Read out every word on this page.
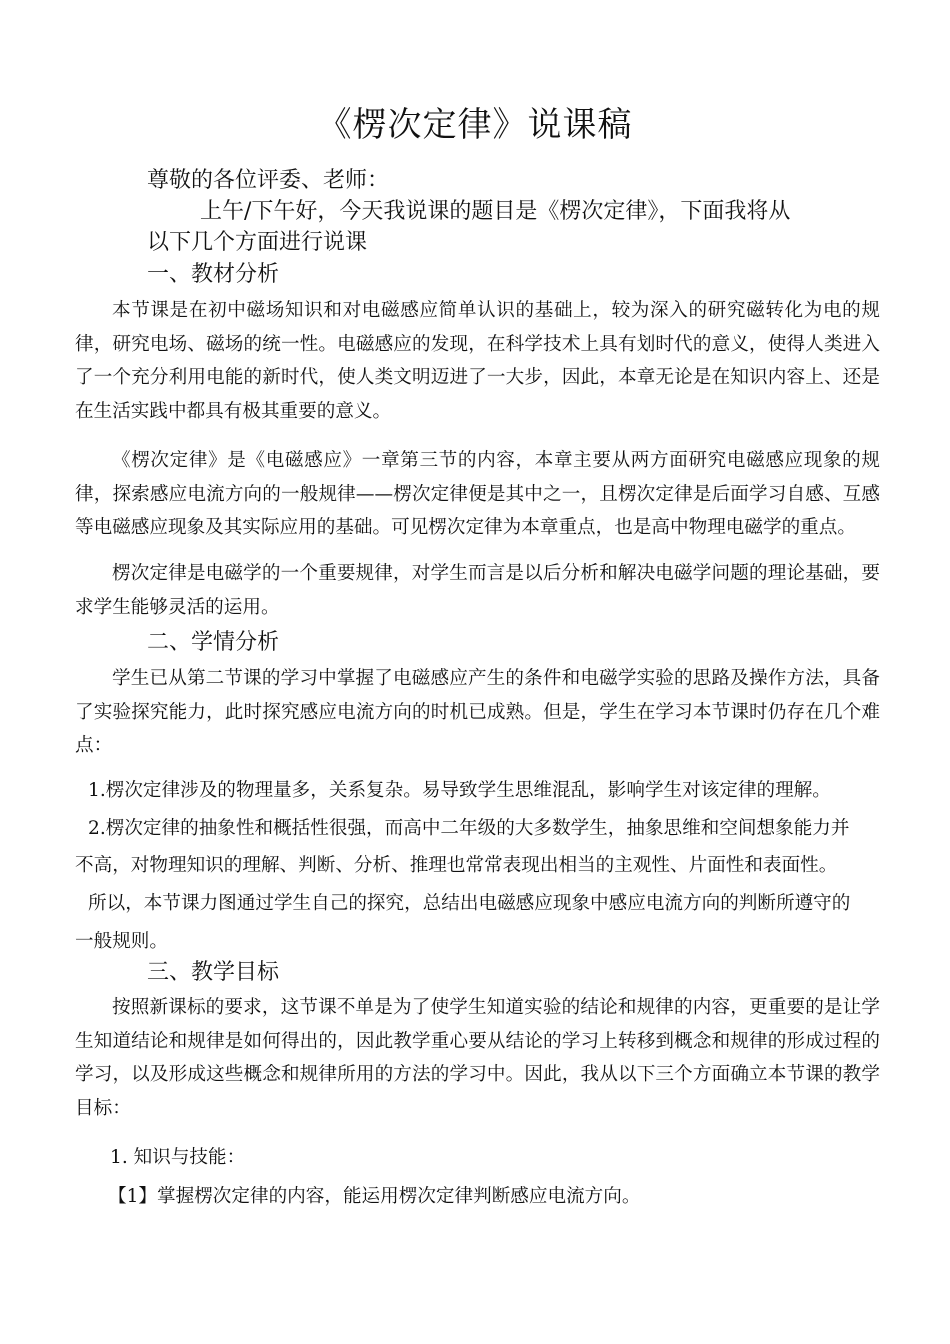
《楞次定律》说课稿
尊敬的各位评委、老师：
上午/下午好，今天我说课的题目是《楞次定律》，下面我将从
以下几个方面进行说课
一、教材分析
本节课是在初中磁场知识和对电磁感应简单认识的基础上，较为深入的研究磁转化为电的规律，研究电场、磁场的统一性。电磁感应的发现，在科学技术上具有划时代的意义，使得人类进入了一个充分利用电能的新时代，使人类文明迈进了一大步，因此，本章无论是在知识内容上、还是在生活实践中都具有极其重要的意义。
《楞次定律》是《电磁感应》一章第三节的内容，本章主要从两方面研究电磁感应现象的规律，探索感应电流方向的一般规律——楞次定律便是其中之一，且楞次定律是后面学习自感、互感等电磁感应现象及其实际应用的基础。可见楞次定律为本章重点，也是高中物理电磁学的重点。
楞次定律是电磁学的一个重要规律，对学生而言是以后分析和解决电磁学问题的理论基础，要求学生能够灵活的运用。
二、学情分析
学生已从第二节课的学习中掌握了电磁感应产生的条件和电磁学实验的思路及操作方法，具备了实验探究能力，此时探究感应电流方向的时机已成熟。但是，学生在学习本节课时仍存在几个难点：
1.楞次定律涉及的物理量多，关系复杂。易导致学生思维混乱，影响学生对该定律的理解。
2.楞次定律的抽象性和概括性很强，而高中二年级的大多数学生，抽象思维和空间想象能力并
不高，对物理知识的理解、判断、分析、推理也常常表现出相当的主观性、片面性和表面性。
所以，本节课力图通过学生自己的探究，总结出电磁感应现象中感应电流方向的判断所遵守的
一般规则。
三、教学目标
按照新课标的要求，这节课不单是为了使学生知道实验的结论和规律的内容，更重要的是让学生知道结论和规律是如何得出的，因此教学重心要从结论的学习上转移到概念和规律的形成过程的学习，以及形成这些概念和规律所用的方法的学习中。因此，我从以下三个方面确立本节课的教学目标：
1. 知识与技能：
【1】掌握楞次定律的内容，能运用楞次定律判断感应电流方向。
